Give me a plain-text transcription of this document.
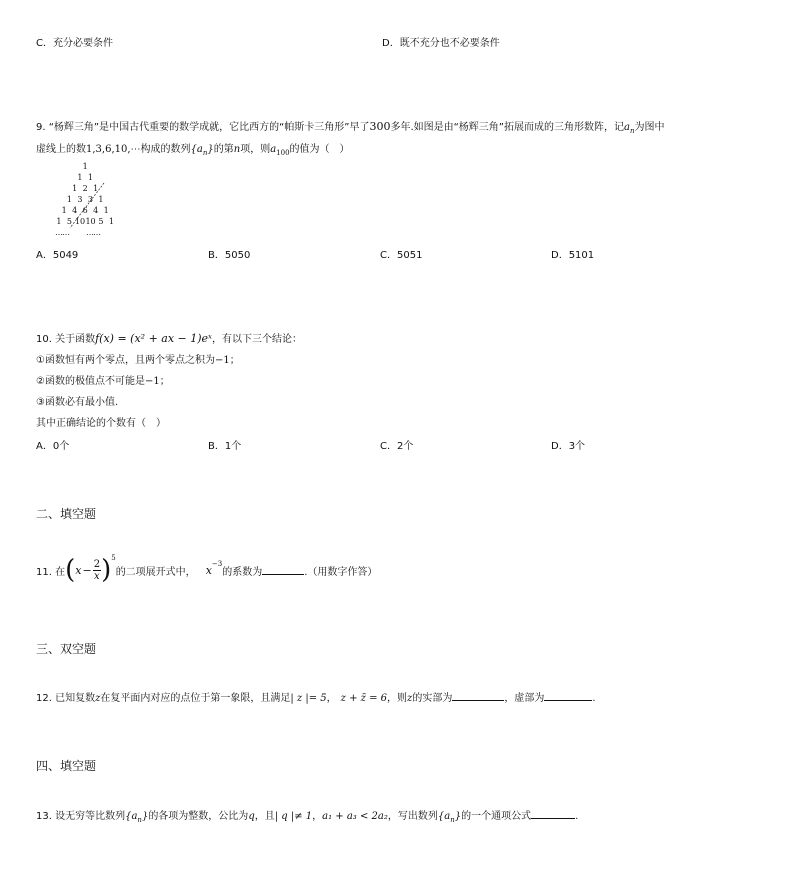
C．充分必要条件	D．既不充分也不必要条件
9. “杨辉三角”是中国古代重要的数学成就，它比西方的“帕斯卡三角形”早了300多年.如图是由“杨辉三角”拓展而成的三角形数阵，记$a_n$为图中
虚线上的数1,3,6,10,⋯构成的数列$\{a_n\}$的第n项，则$a_{100}$的值为（　）
1
1 1
1 2 1
1 3 3 1
1 4 6 4 1
1 5 10 10 5 1
⋯⋯ ⋯⋯
A．5049	B．5050	C．5051	D．5101
10. 关于函数f(x) = (x² + ax − 1)eˣ，有以下三个结论：
①函数恒有两个零点，且两个零点之积为−1；
②函数的极值点不可能是−1；
③函数必有最小值.
其中正确结论的个数有（　）
A．0个	B．1个	C．2个	D．3个
二、填空题
11. 在 ( $x - \frac{2}{x}$ ) 5
的二项展开式中， x −3
的系数为	.（用数字作答）
三、双空题
12. 已知复数z在复平面内对应的点位于第一象限，且满足| z |= 5， z + z̄ = 6，则z的实部为	，虚部为	.
四、填空题
13. 设无穷等比数列$\{a_n\}$的各项为整数，公比为q，且| q |≠ 1，a₁ + a₃ < 2a₂，写出数列$\{a_n\}$的一个通项公式	.
